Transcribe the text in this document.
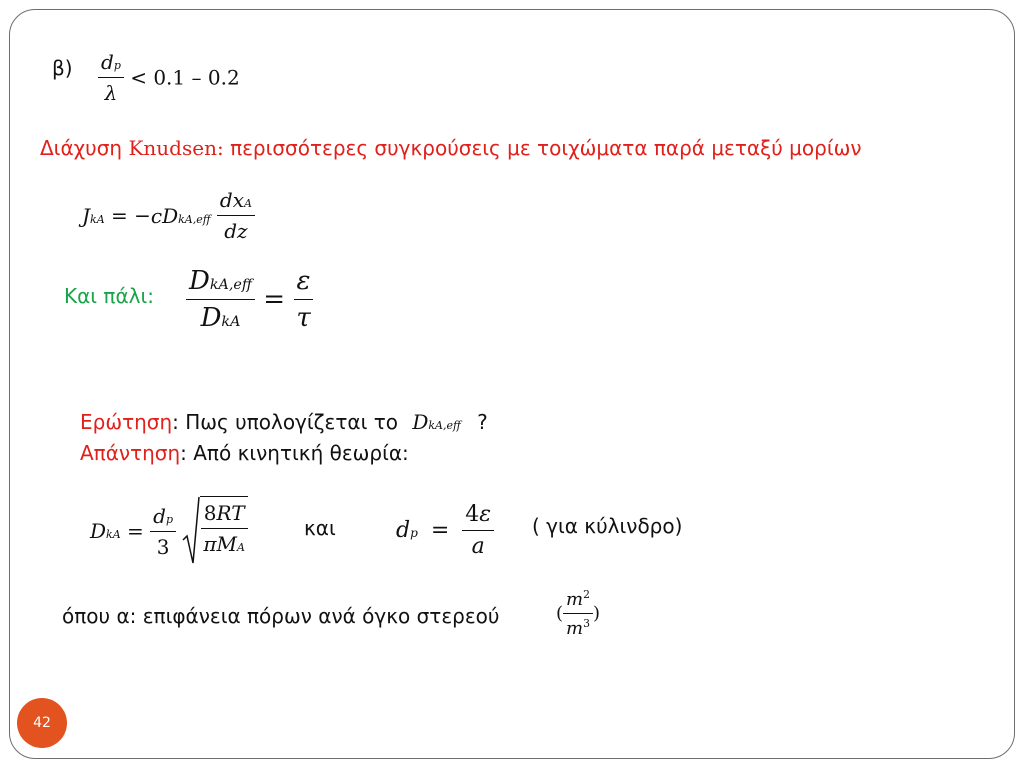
$\beta) \frac{dp}{\lambda} < 0.1 - 0.2$
Διάχυση Knudsen: περισσότερες συγκρούσεις με τοιχώματα παρά μεταξύ μορίων
JkA = −cDkA,eff $\frac{\text{dxA}}{dz}$
Και πάλι: $\frac{\text{DkA,eff}}{\text{DkA}} = \frac{\varepsilon}{\tau}$
Ερώτηση: Πως υπολογίζεται το DkA,eff ?
Απάντηση: Από κινητική θεωρία:
DkA = $\frac{dp}{3}$
$\frac{8RT}{\text{πMA}}$	και	dp = $\frac{4\varepsilon}{a}$ ( για κύλινδρο)
όπου α: επιφάνεια πόρων ανά όγκο στερεού	( $\frac{m^2}{m^3}$ )
42
